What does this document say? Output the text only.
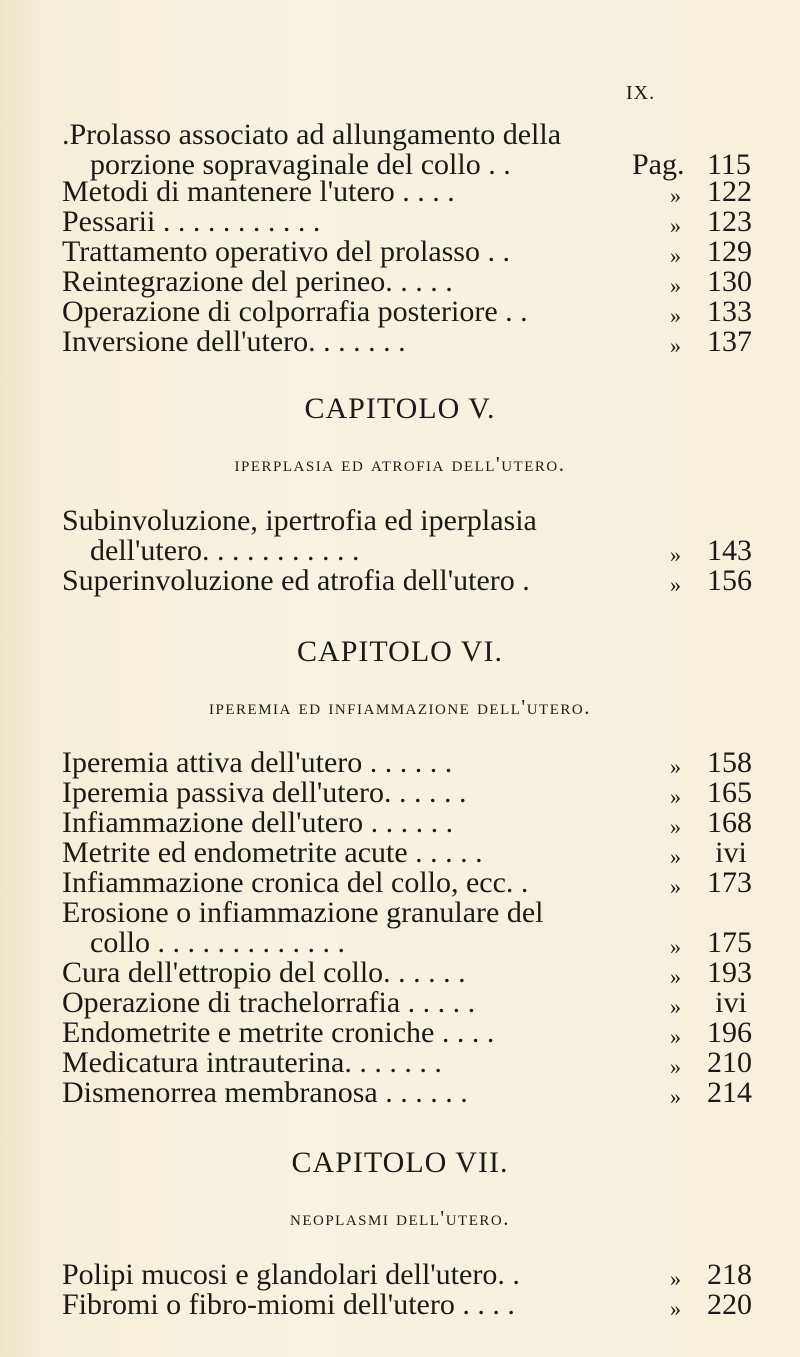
IX.
.Prolasso associato ad allungamento della
porzione sopravaginale del collo . .	Pag. 115
Metodi di mantenere l'utero . . . .	» 122
Pessarii . . . . . . . . . . .	» 123
Trattamento operativo del prolasso . .	» 129
Reintegrazione del perineo. . . . .	» 130
Operazione di colporrafia posteriore . .	» 133
Inversione dell'utero. . . . . . .	» 137
CAPITOLO V.
iperplasia ed atrofia dell'utero.
Subinvoluzione, ipertrofia ed iperplasia
dell'utero. . . . . . . . . . .	» 143
Superinvoluzione ed atrofia dell'utero .	» 156
CAPITOLO VI.
iperemia ed infiammazione dell'utero.
Iperemia attiva dell'utero . . . . . .	» 158
Iperemia passiva dell'utero. . . . . .	» 165
Infiammazione dell'utero . . . . . .	» 168
Metrite ed endometrite acute . . . . .	»	ivi
Infiammazione cronica del collo, ecc. .	» 173
Erosione o infiammazione granulare del
collo . . . . . . . . . . . . .	» 175
Cura dell'ettropio del collo. . . . . .	» 193
Operazione di trachelorrafia . . . . .	»	ivi
Endometrite e metrite croniche . . . .	» 196
Medicatura intrauterina. . . . . . .	» 210
Dismenorrea membranosa . . . . . .	» 214
CAPITOLO VII.
neoplasmi dell'utero.
Polipi mucosi e glandolari dell'utero. .	» 218
Fibromi o fibro-miomi dell'utero . . . .	» 220
